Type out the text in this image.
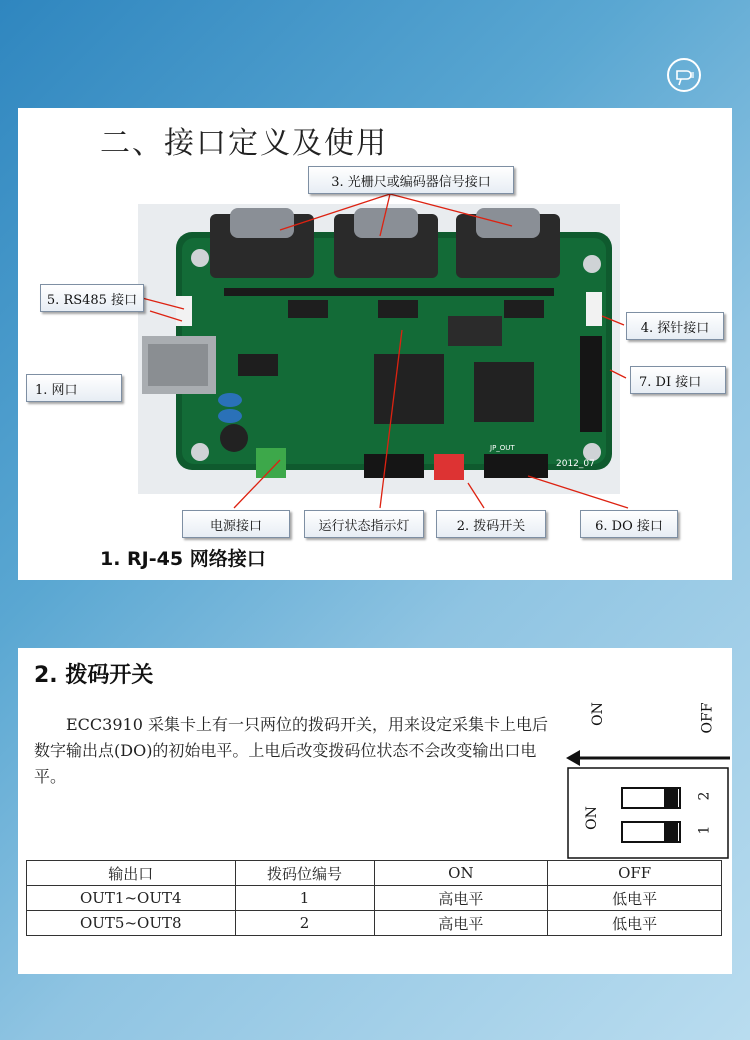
二、接口定义及使用
2012_07
JP_OUT
3. 光栅尺或编码器信号接口
5. RS485 接口
4. 探针接口
1. 网口
7. DI 接口
电源接口	运行状态指示灯	2. 拨码开关	6. DO 接口
1. RJ-45 网络接口
2. 拨码开关
ECC3910 采集卡上有一只两位的拨码开关，用来设定采集卡上电后数字输出点(DO)的初始电平。上电后改变拨码位状态不会改变输出口电平。
ON	OFF
ON
2
1
输出口	拨码位编号	ON	OFF
OUT1~OUT4	1	高电平	低电平
OUT5~OUT8	2	高电平	低电平
